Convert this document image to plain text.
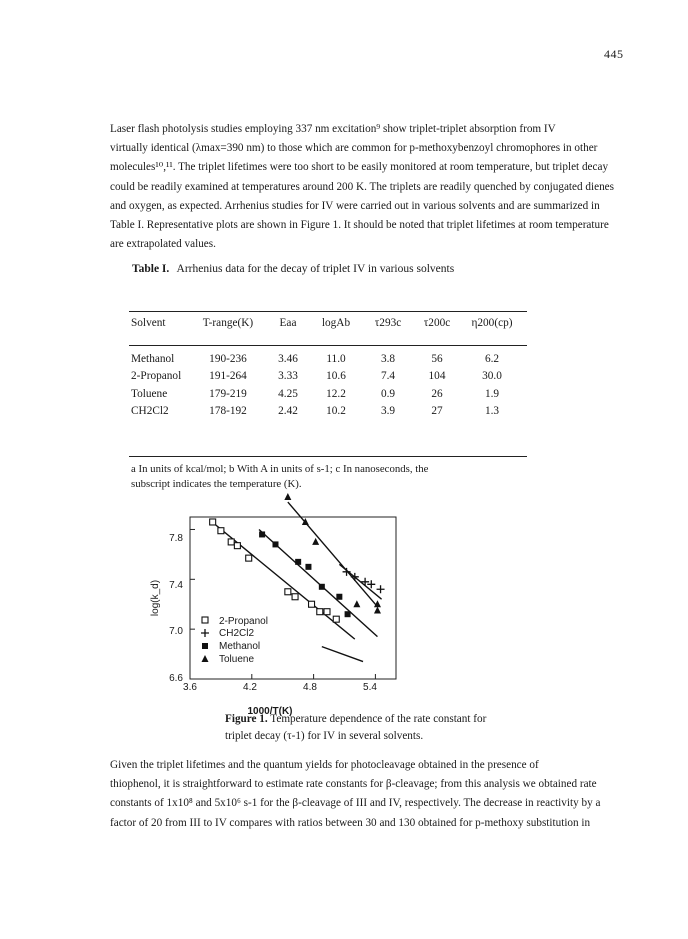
445
Laser flash photolysis studies employing 337 nm excitation⁹ show triplet-triplet absorption from IV
virtually identical (λmax=390 nm) to those which are common for p-methoxybenzoyl chromophores in other
molecules¹⁰,¹¹. The triplet lifetimes were too short to be easily monitored at room temperature, but triplet decay
could be readily examined at temperatures around 200 K. The triplets are readily quenched by conjugated dienes
and oxygen, as expected. Arrhenius studies for IV were carried out in various solvents and are summarized in
Table I. Representative plots are shown in Figure 1. It should be noted that triplet lifetimes at room temperature
are extrapolated values.
Table I. Arrhenius data for the decay of triplet IV in various solvents
Solvent	T-range(K)	Eaa	logAb	τ293c	τ200c	η200(cp)
Methanol	190-236	3.46	11.0	3.8	56	6.2
2-Propanol	191-264	3.33	10.6	7.4	104	30.0
Toluene	179-219	4.25	12.2	0.9	26	1.9
CH2Cl2	178-192	2.42	10.2	3.9	27	1.3
a In units of kcal/mol; b With A in units of s-1; c In nanoseconds, the
subscript indicates the temperature (K).
log(k_d)
1000/T(K)
3.6	4.2	4.8	5.4
6.6
7.0
7.4
7.8
2-Propanol
CH2Cl2
Methanol
Toluene
Figure 1. Temperature dependence of the rate constant for
triplet decay (τ-1) for IV in several solvents.
Given the triplet lifetimes and the quantum yields for photocleavage obtained in the presence of
thiophenol, it is straightforward to estimate rate constants for β-cleavage; from this analysis we obtained rate
constants of 1x10⁸ and 5x10⁶ s-1 for the β-cleavage of III and IV, respectively. The decrease in reactivity by a
factor of 20 from III to IV compares with ratios between 30 and 130 obtained for p-methoxy substitution in
